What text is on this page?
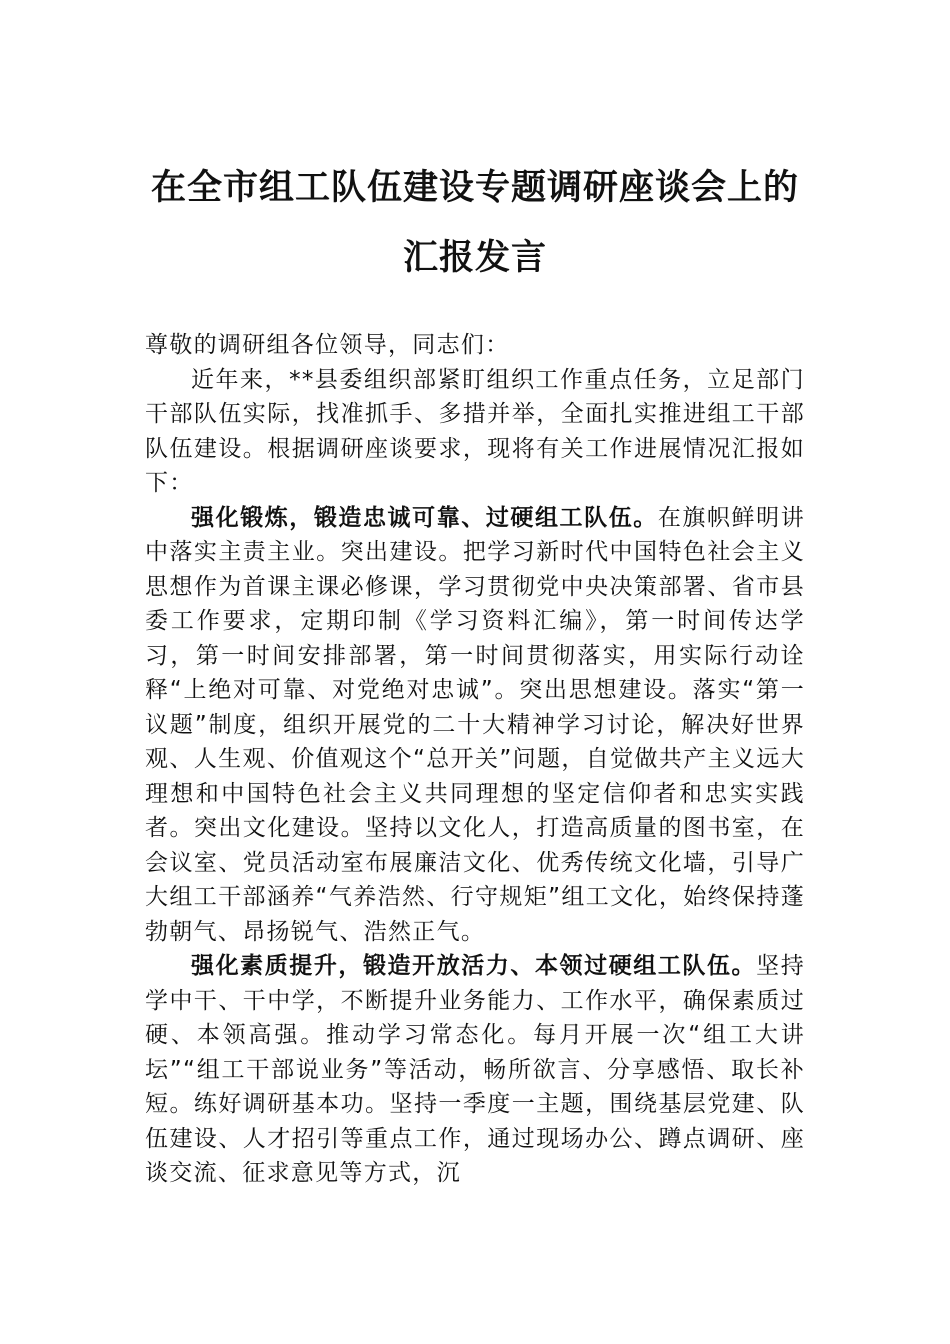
在全市组工队伍建设专题调研座谈会上的
汇报发言

尊敬的调研组各位领导，同志们：

近年来，**县委组织部紧盯组织工作重点任务，立足部门干部队伍实际，找准抓手、多措并举，全面扎实推进组工干部队伍建设。根据调研座谈要求，现将有关工作进展情况汇报如下：

强化锻炼，锻造忠诚可靠、过硬组工队伍。在旗帜鲜明讲中落实主责主业。突出建设。把学习新时代中国特色社会主义思想作为首课主课必修课，学习贯彻党中央决策部署、省市县委工作要求，定期印制《学习资料汇编》，第一时间传达学习，第一时间安排部署，第一时间贯彻落实，用实际行动诠释“上绝对可靠、对党绝对忠诚”。突出思想建设。落实“第一议题”制度，组织开展党的二十大精神学习讨论，解决好世界观、人生观、价值观这个“总开关”问题，自觉做共产主义远大理想和中国特色社会主义共同理想的坚定信仰者和忠实实践者。突出文化建设。坚持以文化人，打造高质量的图书室，在会议室、党员活动室布展廉洁文化、优秀传统文化墙，引导广大组工干部涵养“气养浩然、行守规矩”组工文化，始终保持蓬勃朝气、昂扬锐气、浩然正气。

强化素质提升，锻造开放活力、本领过硬组工队伍。坚持学中干、干中学，不断提升业务能力、工作水平，确保素质过硬、本领高强。推动学习常态化。每月开展一次“组工大讲坛”“组工干部说业务”等活动，畅所欲言、分享感悟、取长补短。练好调研基本功。坚持一季度一主题，围绕基层党建、队伍建设、人才招引等重点工作，通过现场办公、蹲点调研、座谈交流、征求意见等方式，沉
